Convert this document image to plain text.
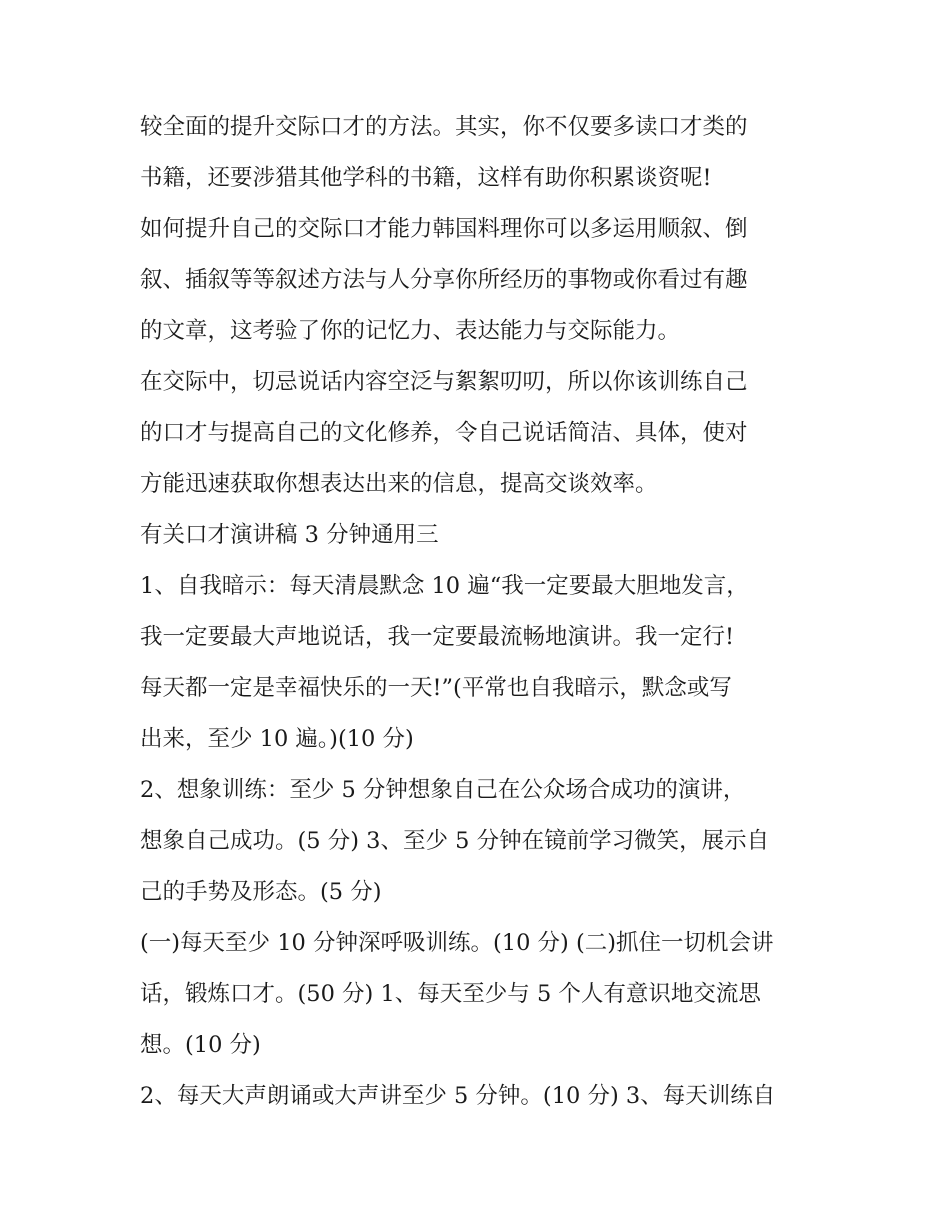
较全面的提升交际口才的方法。其实，你不仅要多读口才类的
书籍，还要涉猎其他学科的书籍，这样有助你积累谈资呢!
如何提升自己的交际口才能力韩国料理你可以多运用顺叙、倒
叙、插叙等等叙述方法与人分享你所经历的事物或你看过有趣
的文章，这考验了你的记忆力、表达能力与交际能力。
在交际中，切忌说话内容空泛与絮絮叨叨，所以你该训练自己
的口才与提高自己的文化修养，令自己说话简洁、具体，使对
方能迅速获取你想表达出来的信息，提高交谈效率。
有关口才演讲稿 3 分钟通用三
1、自我暗示：每天清晨默念 10 遍“我一定要最大胆地发言，
我一定要最大声地说话，我一定要最流畅地演讲。我一定行!
每天都一定是幸福快乐的一天!”(平常也自我暗示，默念或写
出来，至少 10 遍。)(10 分)
2、想象训练：至少 5 分钟想象自己在公众场合成功的演讲，
想象自己成功。(5 分) 3、至少 5 分钟在镜前学习微笑，展示自
己的手势及形态。(5 分)
(一)每天至少 10 分钟深呼吸训练。(10 分) (二)抓住一切机会讲
话，锻炼口才。(50 分) 1、每天至少与 5 个人有意识地交流思
想。(10 分)
2、每天大声朗诵或大声讲至少 5 分钟。(10 分) 3、每天训练自
